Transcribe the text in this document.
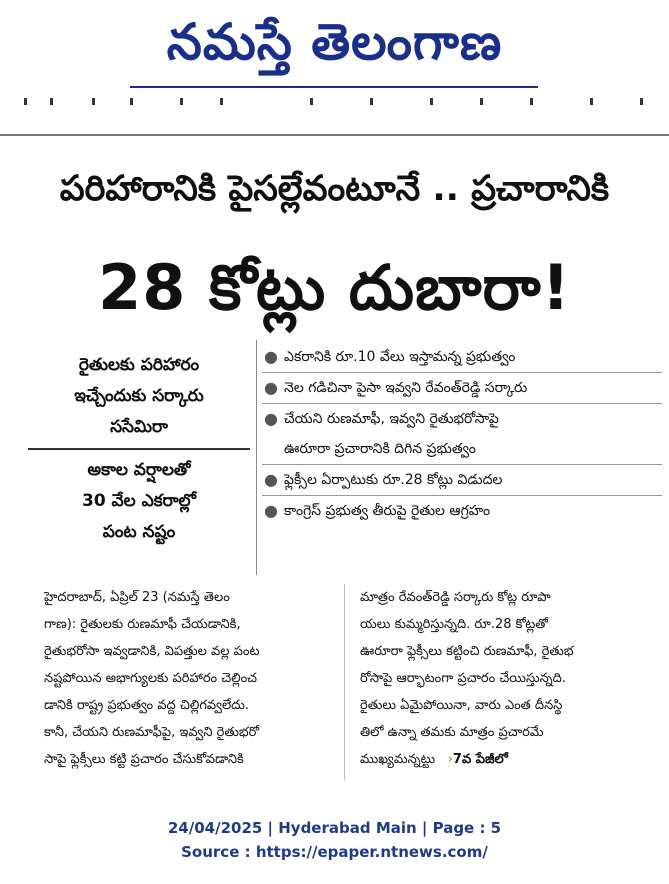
నమస్తే తెలంగాణ
పరిహారానికి పైసల్లేవంటూనే .. ప్రచారానికి
28 కోట్లు దుబారా!
రైతులకు పరిహారం
ఇచ్చేందుకు సర్కారు
ససేమిరా
అకాల వర్షాలతో
30 వేల ఎకరాల్లో
పంట నష్టం
● ఎకరానికి రూ.10 వేలు ఇస్తామన్న ప్రభుత్వం
● నెల గడిచినా పైసా ఇవ్వని రేవంత్‌రెడ్డి సర్కారు
● చేయని రుణమాఫీ, ఇవ్వని రైతుభరోసాపై
ఊరూరా ప్రచారానికి దిగిన ప్రభుత్వం
● ఫ్లెక్సీల ఏర్పాటుకు రూ.28 కోట్లు విడుదల
● కాంగ్రెస్ ప్రభుత్వ తీరుపై రైతుల ఆగ్రహం
హైదరాబాద్, ఏప్రిల్ 23 (నమస్తే తెలం
గాణ): రైతులకు రుణమాఫీ చేయడానికి,
రైతుభరోసా ఇవ్వడానికి, విపత్తుల వల్ల పంట
నష్టపోయిన అభాగ్యులకు పరిహారం చెల్లించ
డానికి రాష్ట్ర ప్రభుత్వం వద్ద చిల్లిగవ్వలేదు.
కానీ, చేయని రుణమాఫీపై, ఇవ్వని రైతుభరో
సాపై ఫ్లెక్సీలు కట్టి ప్రచారం చేసుకోవడానికి
మాత్రం రేవంత్‌రెడ్డి సర్కారు కోట్ల రూపా
యలు కుమ్మరిస్తున్నది. రూ.28 కోట్లతో
ఊరూరా ఫ్లెక్సీలు కట్టించి రుణమాఫీ, రైతుభ
రోసాపై ఆర్భాటంగా ప్రచారం చేయిస్తున్నది.
రైతులు ఏమైపోయినా, వారు ఎంత దీనస్థి
తిలో ఉన్నా తమకు మాత్రం ప్రచారమే
ముఖ్యమన్నట్టు ›7వ పేజీలో
24/04/2025 | Hyderabad Main | Page : 5
Source : https://epaper.ntnews.com/
